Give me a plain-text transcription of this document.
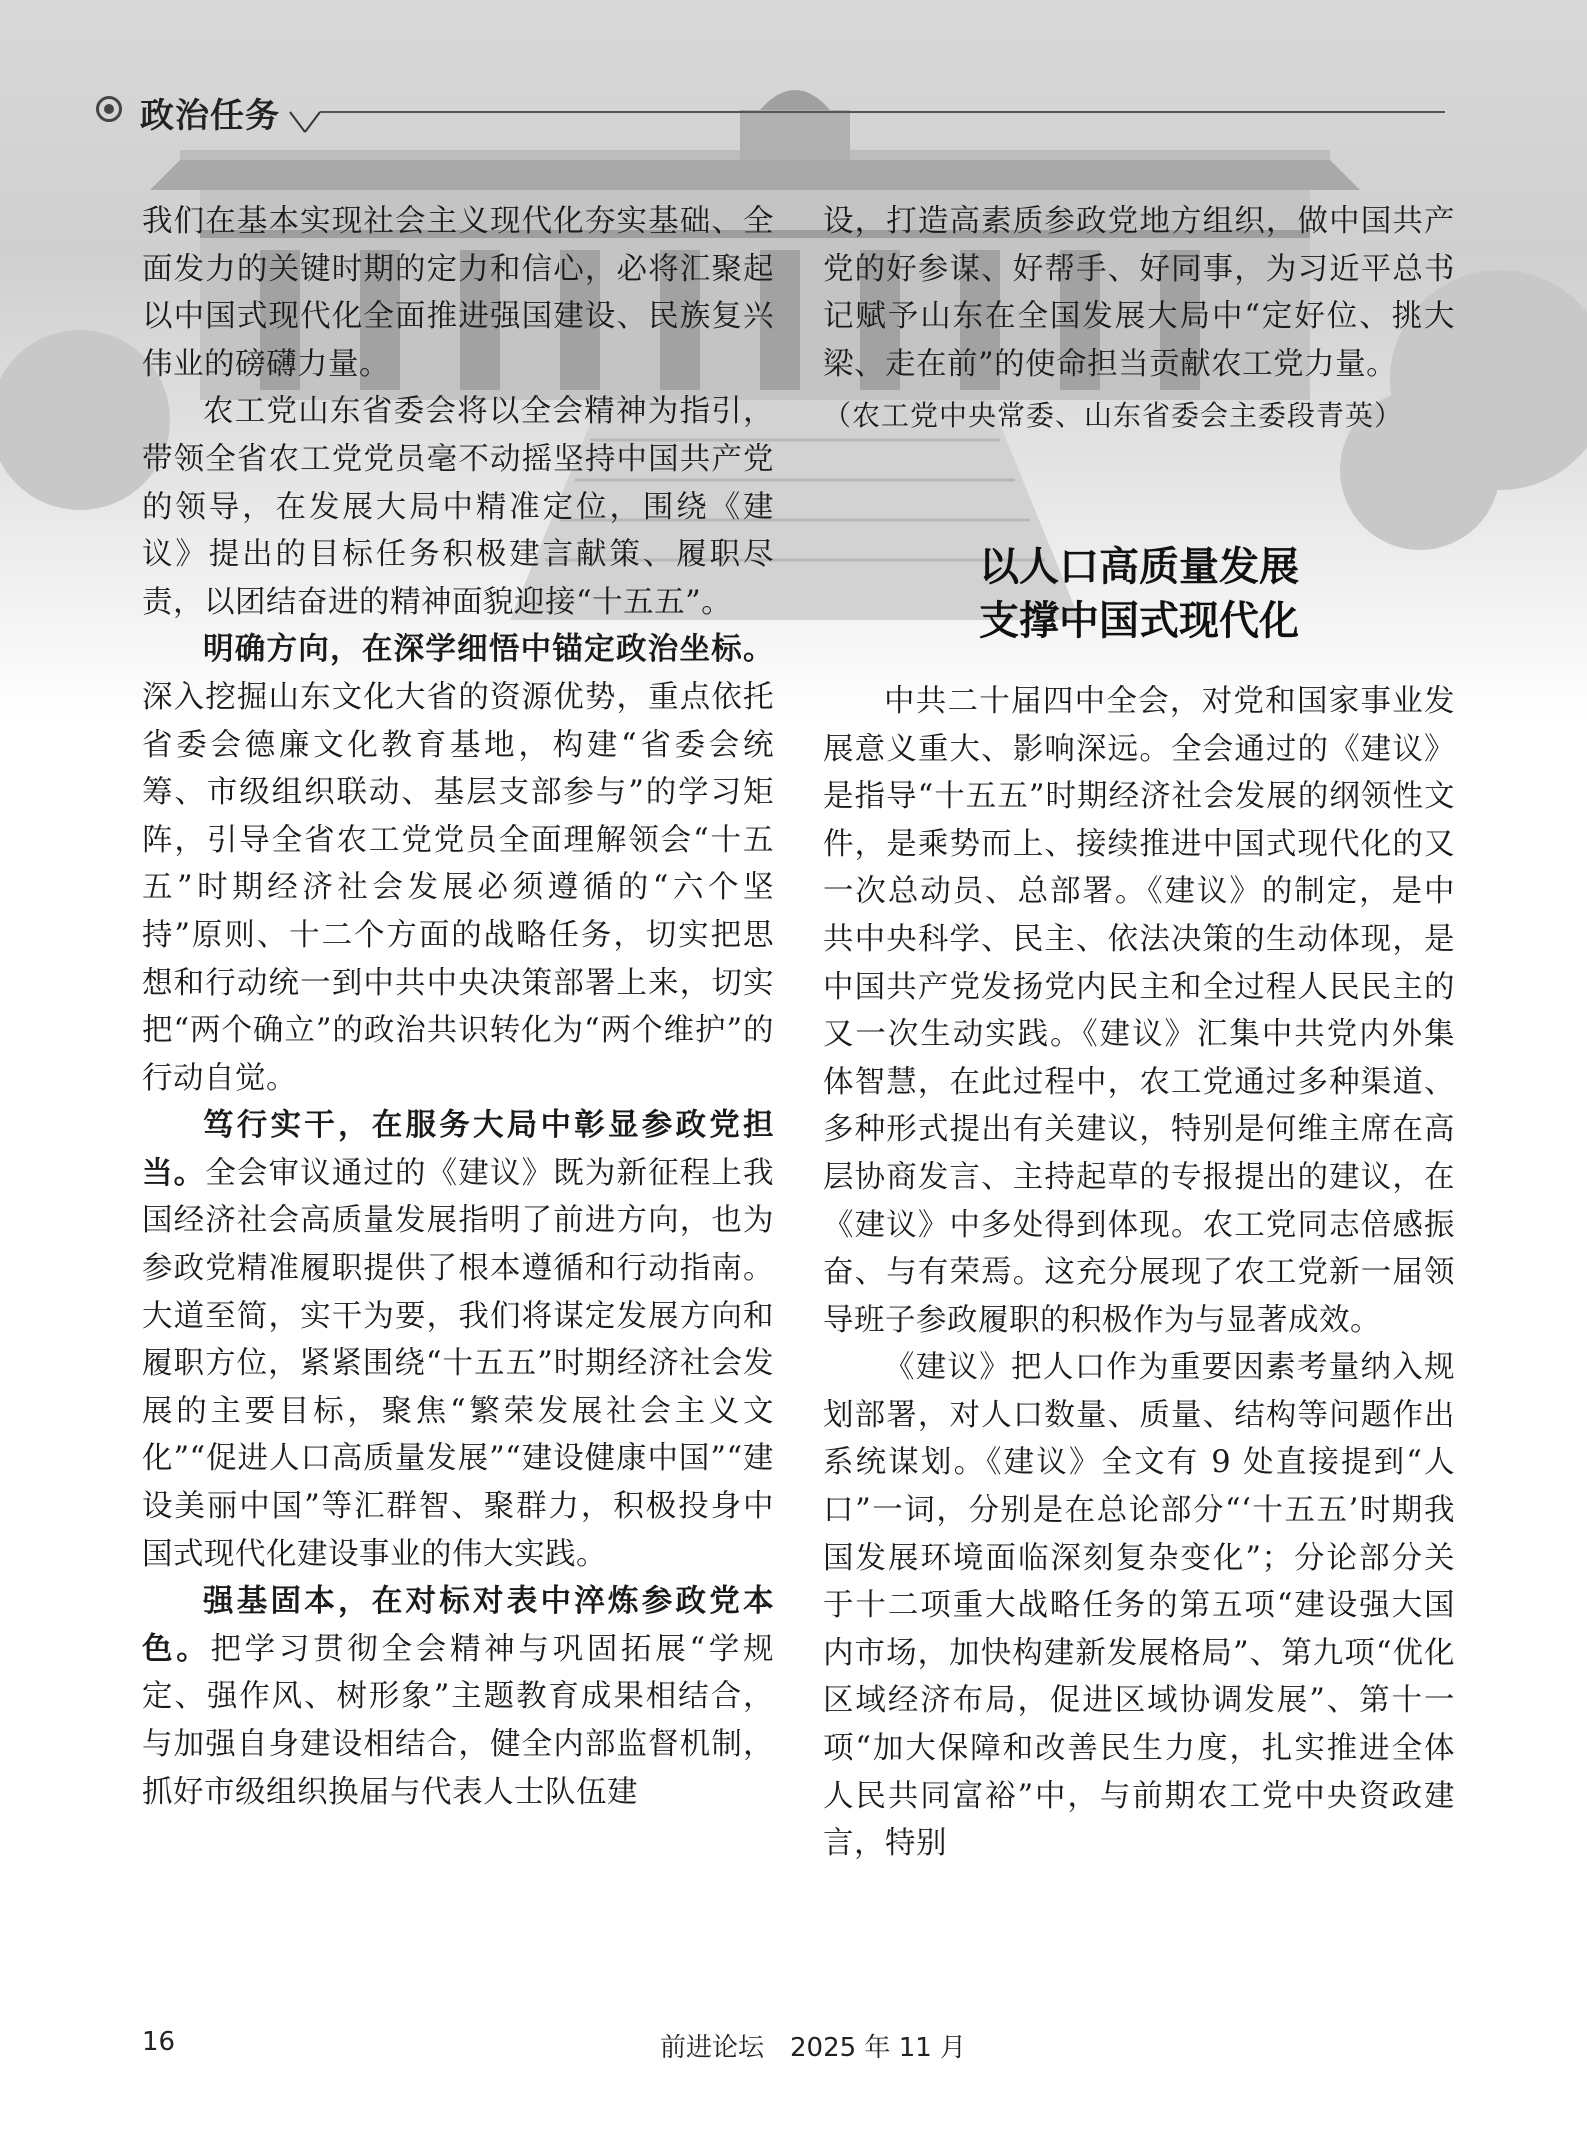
政治任务

我们在基本实现社会主义现代化夯实基础、全面发力的关键时期的定力和信心，必将汇聚起以中国式现代化全面推进强国建设、民族复兴伟业的磅礴力量。

农工党山东省委会将以全会精神为指引，带领全省农工党党员毫不动摇坚持中国共产党的领导，在发展大局中精准定位，围绕《建议》提出的目标任务积极建言献策、履职尽责，以团结奋进的精神面貌迎接“十五五”。

明确方向，在深学细悟中锚定政治坐标。深入挖掘山东文化大省的资源优势，重点依托省委会德廉文化教育基地，构建“省委会统筹、市级组织联动、基层支部参与”的学习矩阵，引导全省农工党党员全面理解领会“十五五”时期经济社会发展必须遵循的“六个坚持”原则、十二个方面的战略任务，切实把思想和行动统一到中共中央决策部署上来，切实把“两个确立”的政治共识转化为“两个维护”的行动自觉。

笃行实干，在服务大局中彰显参政党担当。全会审议通过的《建议》既为新征程上我国经济社会高质量发展指明了前进方向，也为参政党精准履职提供了根本遵循和行动指南。大道至简，实干为要，我们将谋定发展方向和履职方位，紧紧围绕“十五五”时期经济社会发展的主要目标，聚焦“繁荣发展社会主义文化”“促进人口高质量发展”“建设健康中国”“建设美丽中国”等汇群智、聚群力，积极投身中国式现代化建设事业的伟大实践。

强基固本，在对标对表中淬炼参政党本色。把学习贯彻全会精神与巩固拓展“学规定、强作风、树形象”主题教育成果相结合，与加强自身建设相结合，健全内部监督机制，抓好市级组织换届与代表人士队伍建

设，打造高素质参政党地方组织，做中国共产党的好参谋、好帮手、好同事，为习近平总书记赋予山东在全国发展大局中“定好位、挑大梁、走在前”的使命担当贡献农工党力量。

（农工党中央常委、山东省委会主委段青英）

以人口高质量发展
支撑中国式现代化

中共二十届四中全会，对党和国家事业发展意义重大、影响深远。全会通过的《建议》是指导“十五五”时期经济社会发展的纲领性文件，是乘势而上、接续推进中国式现代化的又一次总动员、总部署。《建议》的制定，是中共中央科学、民主、依法决策的生动体现，是中国共产党发扬党内民主和全过程人民民主的又一次生动实践。《建议》汇集中共党内外集体智慧，在此过程中，农工党通过多种渠道、多种形式提出有关建议，特别是何维主席在高层协商发言、主持起草的专报提出的建议，在《建议》中多处得到体现。农工党同志倍感振奋、与有荣焉。这充分展现了农工党新一届领导班子参政履职的积极作为与显著成效。

《建议》把人口作为重要因素考量纳入规划部署，对人口数量、质量、结构等问题作出系统谋划。《建议》全文有 9 处直接提到“人口”一词，分别是在总论部分“‘十五五’时期我国发展环境面临深刻复杂变化”；分论部分关于十二项重大战略任务的第五项“建设强大国内市场，加快构建新发展格局”、第九项“优化区域经济布局，促进区域协调发展”、第十一项“加大保障和改善民生力度，扎实推进全体人民共同富裕”中，与前期农工党中央资政建言，特别

16	前进论坛 2025 年 11 月
